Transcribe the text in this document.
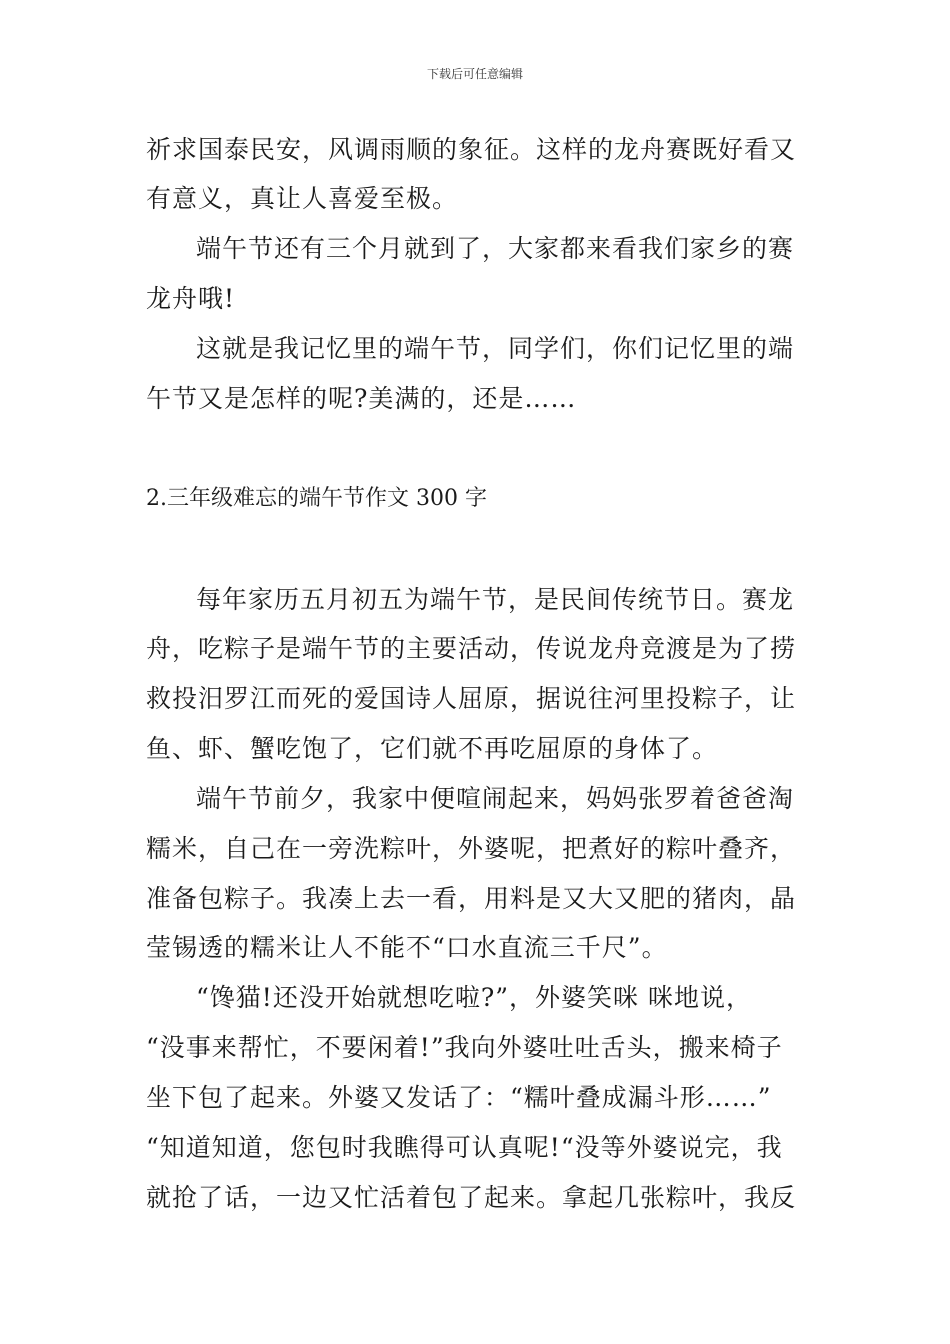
下载后可任意编辑
祈求国泰民安，风调雨顺的象征。这样的龙舟赛既好看又
有意义，真让人喜爱至极。
端午节还有三个月就到了，大家都来看我们家乡的赛
龙舟哦!
这就是我记忆里的端午节，同学们，你们记忆里的端
午节又是怎样的呢?美满的，还是……
2.三年级难忘的端午节作文 300 字
每年家历五月初五为端午节，是民间传统节日。赛龙
舟，吃粽子是端午节的主要活动，传说龙舟竞渡是为了捞
救投汨罗江而死的爱国诗人屈原，据说往河里投粽子，让
鱼、虾、蟹吃饱了，它们就不再吃屈原的身体了。
端午节前夕，我家中便喧闹起来，妈妈张罗着爸爸淘
糯米，自己在一旁洗粽叶，外婆呢，把煮好的粽叶叠齐，
准备包粽子。我凑上去一看，用料是又大又肥的猪肉，晶
莹锡透的糯米让人不能不“口水直流三千尺”。
“馋猫!还没开始就想吃啦?”，外婆笑咪 咪地说，
“没事来帮忙，不要闲着!”我向外婆吐吐舌头，搬来椅子
坐下包了起来。外婆又发话了：“糯叶叠成漏斗形……”
“知道知道，您包时我瞧得可认真呢!“没等外婆说完，我
就抢了话，一边又忙活着包了起来。拿起几张粽叶，我反
